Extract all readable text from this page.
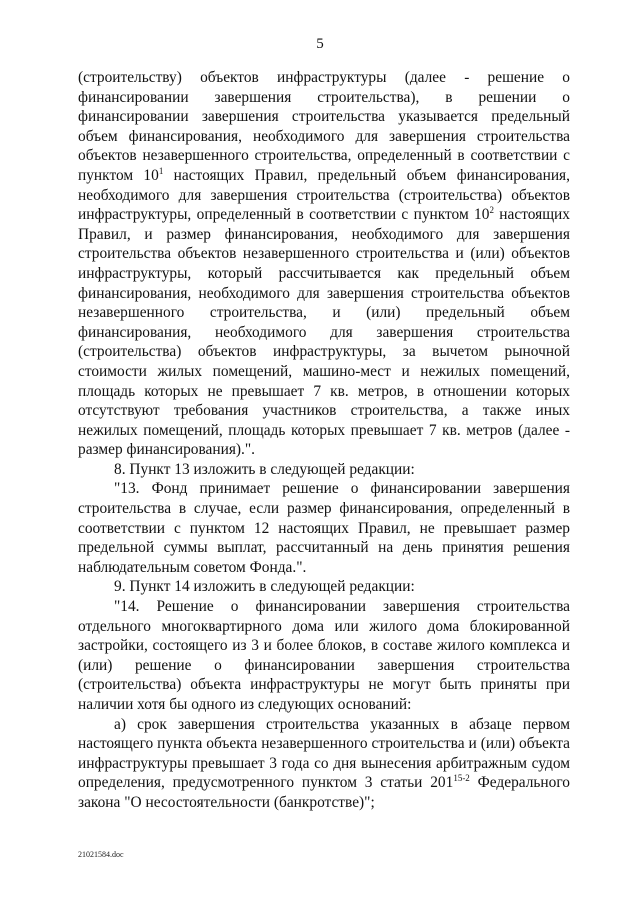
5

(строительству) объектов инфраструктуры (далее - решение о финансировании завершения строительства), в решении о финансировании завершения строительства указывается предельный объем финансирования, необходимого для завершения строительства объектов незавершенного строительства, определенный в соответствии с пунктом $10^1$ настоящих Правил, предельный объем финансирования, необходимого для завершения строительства (строительства) объектов инфраструктуры, определенный в соответствии с пунктом $10^2$ настоящих Правил, и размер финансирования, необходимого для завершения строительства объектов незавершенного строительства и (или) объектов инфраструктуры, который рассчитывается как предельный объем финансирования, необходимого для завершения строительства объектов незавершенного строительства, и (или) предельный объем финансирования, необходимого для завершения строительства (строительства) объектов инфраструктуры, за вычетом рыночной стоимости жилых помещений, машино-мест и нежилых помещений, площадь которых не превышает 7 кв. метров, в отношении которых отсутствуют требования участников строительства, а также иных нежилых помещений, площадь которых превышает 7 кв. метров (далее - размер финансирования).".

8. Пункт 13 изложить в следующей редакции:

"13. Фонд принимает решение о финансировании завершения строительства в случае, если размер финансирования, определенный в соответствии с пунктом 12 настоящих Правил, не превышает размер предельной суммы выплат, рассчитанный на день принятия решения наблюдательным советом Фонда.".

9. Пункт 14 изложить в следующей редакции:

"14. Решение о финансировании завершения строительства отдельного многоквартирного дома или жилого дома блокированной застройки, состоящего из 3 и более блоков, в составе жилого комплекса и (или) решение о финансировании завершения строительства (строительства) объекта инфраструктуры не могут быть приняты при наличии хотя бы одного из следующих оснований:

а) срок завершения строительства указанных в абзаце первом настоящего пункта объекта незавершенного строительства и (или) объекта инфраструктуры превышает 3 года со дня вынесения арбитражным судом определения, предусмотренного пунктом 3 статьи 201$^{15-2}$ Федерального закона "О несостоятельности (банкротстве)";

21021584.doc
